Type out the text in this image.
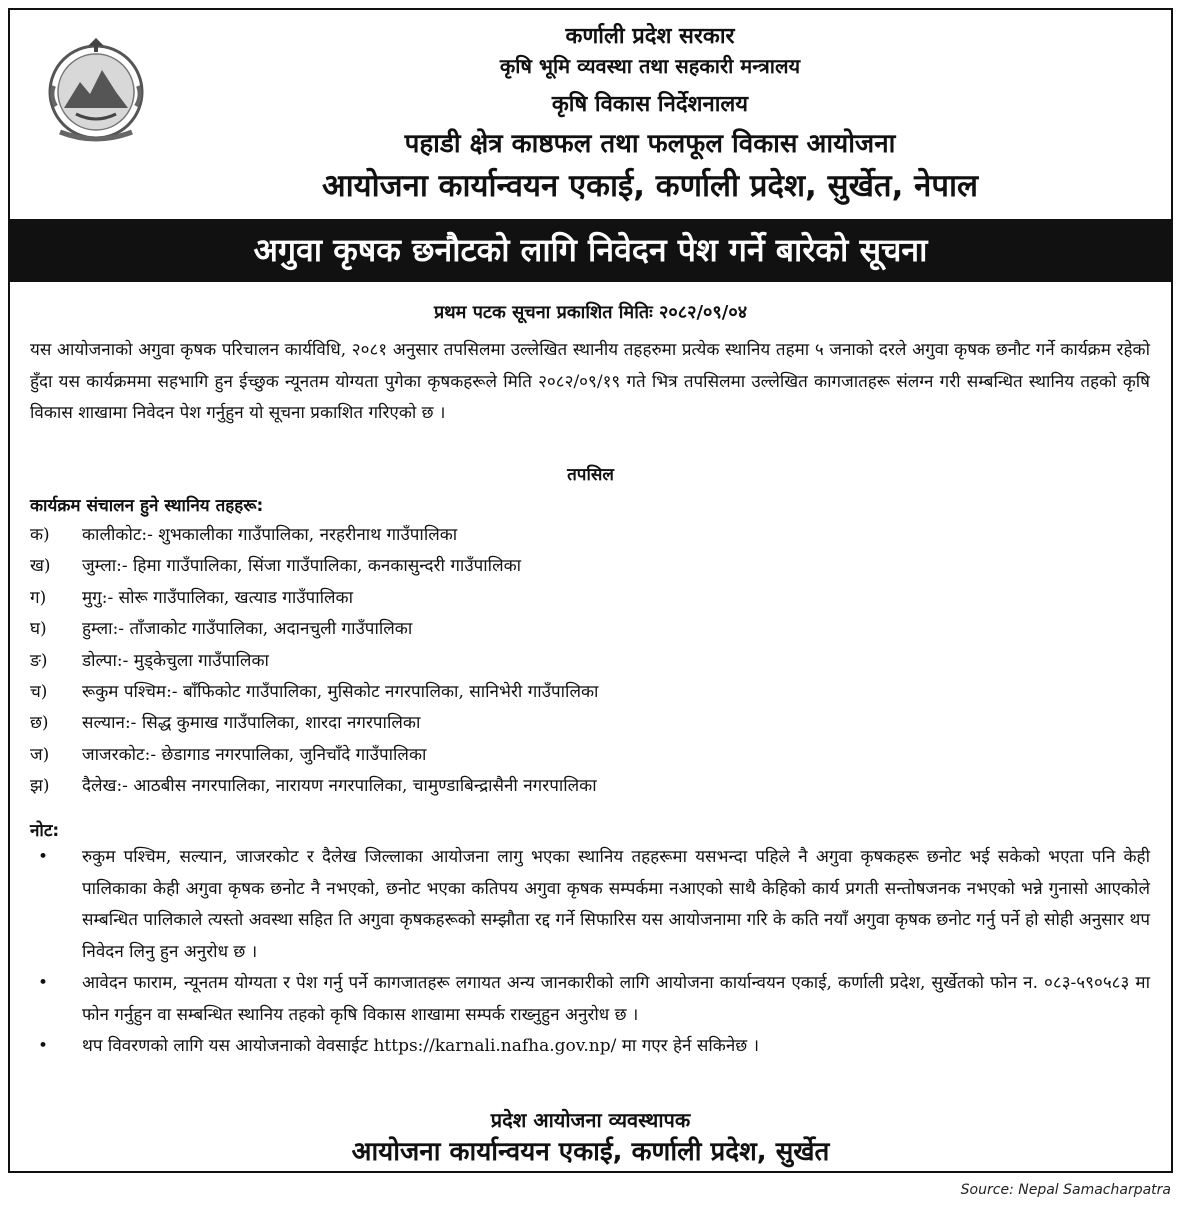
कर्णाली प्रदेश सरकार
कृषि भूमि व्यवस्था तथा सहकारी मन्त्रालय
कृषि विकास निर्देशनालय
पहाडी क्षेत्र काष्ठफल तथा फलफूल विकास आयोजना
आयोजना कार्यान्वयन एकाई, कर्णाली प्रदेश, सुर्खेत, नेपाल
अगुवा कृषक छनौटको लागि निवेदन पेश गर्ने बारेको सूचना
प्रथम पटक सूचना प्रकाशित मितिः २०८२/०९/०४
यस आयोजनाको अगुवा कृषक परिचालन कार्यविधि, २०८१ अनुसार तपसिलमा उल्लेखित स्थानीय तहहरुमा प्रत्येक स्थानिय तहमा ५ जनाको दरले अगुवा कृषक छनौट गर्ने कार्यक्रम रहेको हुँदा यस कार्यक्रममा सहभागि हुन ईच्छुक न्यूनतम योग्यता पुगेका कृषकहरूले मिति २०८२/०९/१९ गते भित्र तपसिलमा उल्लेखित कागजातहरू संलग्न गरी सम्बन्धित स्थानिय तहको कृषि विकास शाखामा निवेदन पेश गर्नुहुन यो सूचना प्रकाशित गरिएको छ ।
तपसिल
कार्यक्रम संचालन हुने स्थानिय तहहरू:
क) कालीकोट:- शुभकालीका गाउँपालिका, नरहरीनाथ गाउँपालिका
ख) जुम्ला:- हिमा गाउँपालिका, सिंजा गाउँपालिका, कनकासुन्दरी गाउँपालिका
ग) मुगु:- सोरू गाउँपालिका, खत्याड गाउँपालिका
घ) हुम्ला:- ताँजाकोट गाउँपालिका, अदानचुली गाउँपालिका
ङ) डोल्पा:- मुड्केचुला गाउँपालिका
च) रूकुम पश्चिम:- बाँफिकोट गाउँपालिका, मुसिकोट नगरपालिका, सानिभेरी गाउँपालिका
छ) सल्यान:- सिद्ध कुमाख गाउँपालिका, शारदा नगरपालिका
ज) जाजरकोट:- छेडागाड नगरपालिका, जुनिचाँदे गाउँपालिका
झ) दैलेख:- आठबीस नगरपालिका, नारायण नगरपालिका, चामुण्डाबिन्द्रासैनी नगरपालिका
नोट:
• रुकुम पश्चिम, सल्यान, जाजरकोट र दैलेख जिल्लाका आयोजना लागु भएका स्थानिय तहहरूमा यसभन्दा पहिले नै अगुवा कृषकहरू छनोट भई सकेको भएता पनि केही पालिकाका केही अगुवा कृषक छनोट नै नभएको, छनोट भएका कतिपय अगुवा कृषक सम्पर्कमा नआएको साथै केहिको कार्य प्रगती सन्तोषजनक नभएको भन्ने गुनासो आएकोले सम्बन्धित पालिकाले त्यस्तो अवस्था सहित ति अगुवा कृषकहरूको सम्झौता रद्द गर्ने सिफारिस यस आयोजनामा गरि के कति नयाँ अगुवा कृषक छनोट गर्नु पर्ने हो सोही अनुसार थप निवेदन लिनु हुन अनुरोध छ ।
• आवेदन फाराम, न्यूनतम योग्यता र पेश गर्नु पर्ने कागजातहरू लगायत अन्य जानकारीको लागि आयोजना कार्यान्वयन एकाई, कर्णाली प्रदेश, सुर्खेतको फोन न. ०८३-५९०५८३ मा फोन गर्नुहुन वा सम्बन्धित स्थानिय तहको कृषि विकास शाखामा सम्पर्क राख्नुहुन अनुरोध छ ।
• थप विवरणको लागि यस आयोजनाको वेवसाईट https://karnali.nafha.gov.np/ मा गएर हेर्न सकिनेछ ।
प्रदेश आयोजना व्यवस्थापक
आयोजना कार्यान्वयन एकाई, कर्णाली प्रदेश, सुर्खेत
Source: Nepal Samacharpatra
